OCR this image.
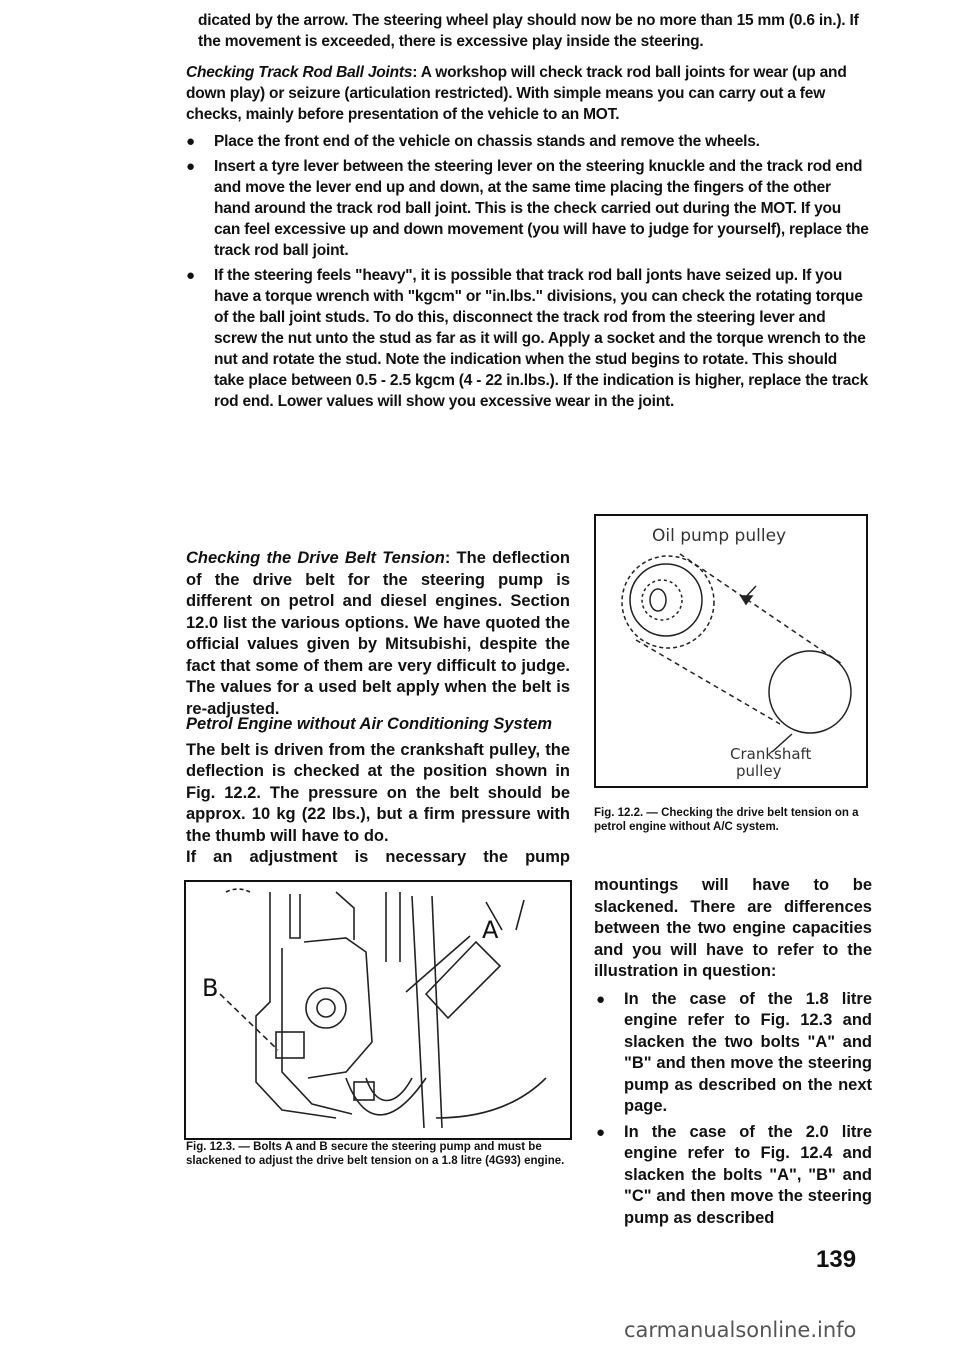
dicated by the arrow. The steering wheel play should now be no more than 15 mm (0.6 in.). If the movement is exceeded, there is excessive play inside the steering.

Checking Track Rod Ball Joints: A workshop will check track rod ball joints for wear (up and down play) or seizure (articulation restricted). With simple means you can carry out a few checks, mainly before presentation of the vehicle to an MOT.

● Place the front end of the vehicle on chassis stands and remove the wheels.
● Insert a tyre lever between the steering lever on the steering knuckle and the track rod end and move the lever end up and down, at the same time placing the fingers of the other hand around the track rod ball joint. This is the check carried out during the MOT. If you can feel excessive up and down movement (you will have to judge for yourself), replace the track rod ball joint.
● If the steering feels "heavy", it is possible that track rod ball jonts have seized up. If you have a torque wrench with "kgcm" or "in.lbs." divisions, you can check the rotating torque of the ball joint studs. To do this, disconnect the track rod from the steering lever and screw the nut unto the stud as far as it will go. Apply a socket and the torque wrench to the nut and rotate the stud. Note the indication when the stud begins to rotate. This should take place between 0.5 - 2.5 kgcm (4 - 22 in.lbs.). If the indication is higher, replace the track rod end. Lower values will show you excessive wear in the joint.

Checking the Drive Belt Tension: The deflection of the drive belt for the steering pump is different on petrol and diesel engines. Section 12.0 list the various options. We have quoted the official values given by Mitsubishi, despite the fact that some of them are very difficult to judge. The values for a used belt apply when the belt is re-adjusted.

Petrol Engine without Air Conditioning System

The belt is driven from the crankshaft pulley, the deflection is checked at the position shown in Fig. 12.2. The pressure on the belt should be approx. 10 kg (22 lbs.), but a firm pressure with the thumb will have to do.

If an adjustment is necessary the pump

Oil pump pulley
Crankshaft
pulley
Fig. 12.2. — Checking the drive belt tension on a petrol engine without A/C system.
A
B
Fig. 12.3. — Bolts A and B secure the steering pump and must be slackened to adjust the drive belt tension on a 1.8 litre (4G93) engine.

mountings will have to be slackened. There are differences between the two engine capacities and you will have to refer to the illustration in question:

● In the case of the 1.8 litre engine refer to Fig. 12.3 and slacken the two bolts "A" and "B" and then move the steering pump as described on the next page.
● In the case of the 2.0 litre engine refer to Fig. 12.4 and slacken the bolts "A", "B" and "C" and then move the steering pump as described
139
carmanualsonline.info
